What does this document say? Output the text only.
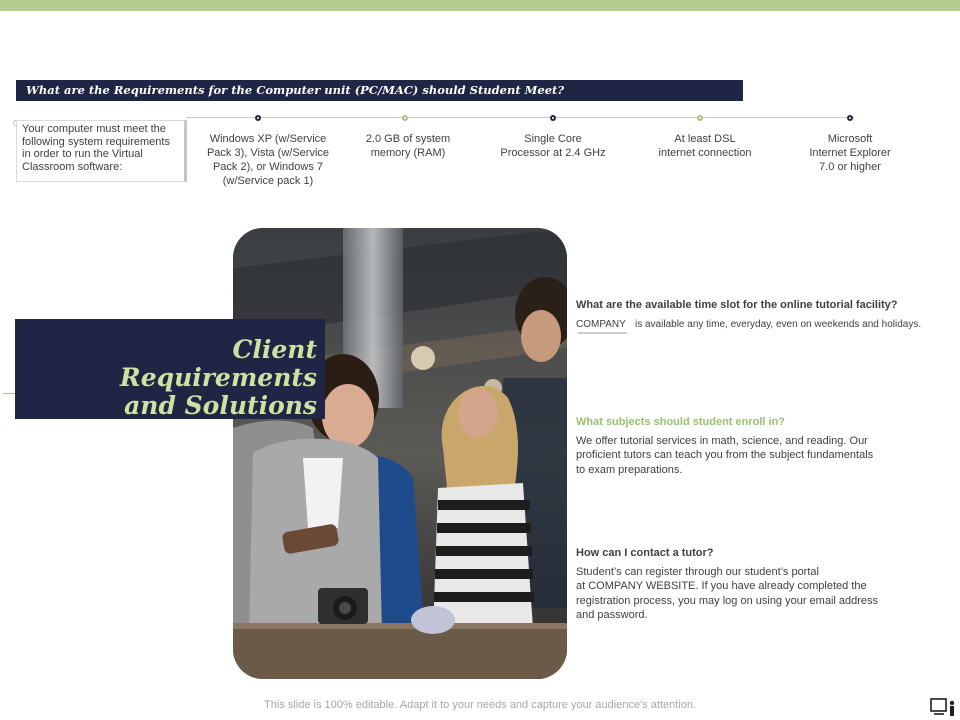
What are the Requirements for the Computer unit (PC/MAC) should Student Meet?
Your computer must meet the
following system requirements
in order to run the Virtual
Classroom software:
Windows XP (w/Service
Pack 3), Vista (w/Service
Pack 2), or Windows 7
(w/Service pack 1)
2.0 GB of system
memory (RAM)
Single Core
Processor at 2.4 GHz
At least DSL
internet connection
Microsoft
Internet Explorer
7.0 or higher
Client Requirements
and Solutions
What are the available time slot for the online tutorial facility?
COMPANY is available any time, everyday, even on weekends and holidays.
What subjects should student enroll in?
We offer tutorial services in math, science, and reading. Our
proficient tutors can teach you from the subject fundamentals
to exam preparations.
How can I contact a tutor?
Student’s can register through our student’s portal
at COMPANY WEBSITE. If you have already completed the
registration process, you may log on using your email address
and password.
This slide is 100% editable. Adapt it to your needs and capture your audience's attention.
